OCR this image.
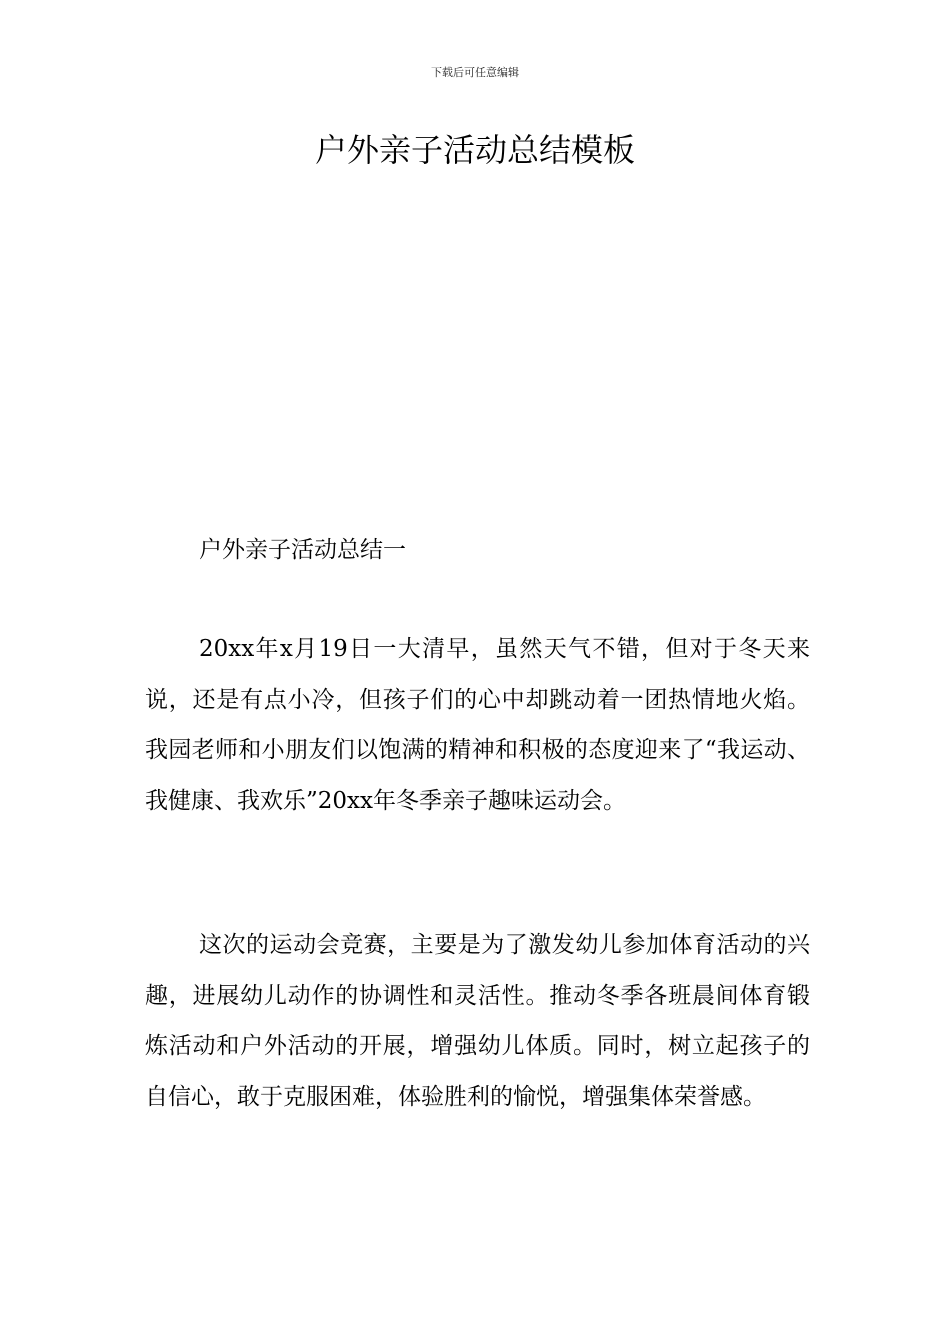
下载后可任意编辑
户外亲子活动总结模板
户外亲子活动总结一

20xx年x月19日一大清早，虽然天气不错，但对于冬天来说，还是有点小冷，但孩子们的心中却跳动着一团热情地火焰。我园老师和小朋友们以饱满的精神和积极的态度迎来了“我运动、我健康、我欢乐”20xx年冬季亲子趣味运动会。

这次的运动会竞赛，主要是为了激发幼儿参加体育活动的兴趣，进展幼儿动作的协调性和灵活性。推动冬季各班晨间体育锻炼活动和户外活动的开展，增强幼儿体质。同时，树立起孩子的自信心，敢于克服困难，体验胜利的愉悦，增强集体荣誉感。
